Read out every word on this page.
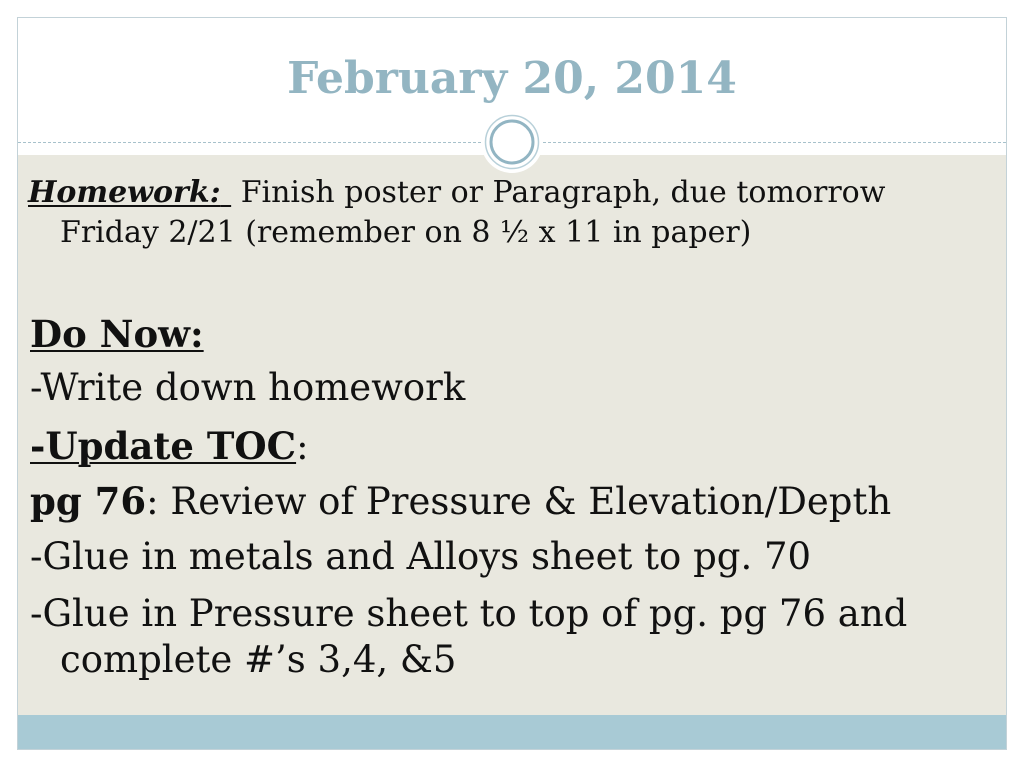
February 20, 2014
Homework: Finish poster or Paragraph, due tomorrow
Friday 2/21 (remember on 8 ½ x 11 in paper)
Do Now:
-Write down homework
-Update TOC:
pg 76: Review of Pressure & Elevation/Depth
-Glue in metals and Alloys sheet to pg. 70
-Glue in Pressure sheet to top of pg. pg 76 and
complete #’s 3,4, &5
